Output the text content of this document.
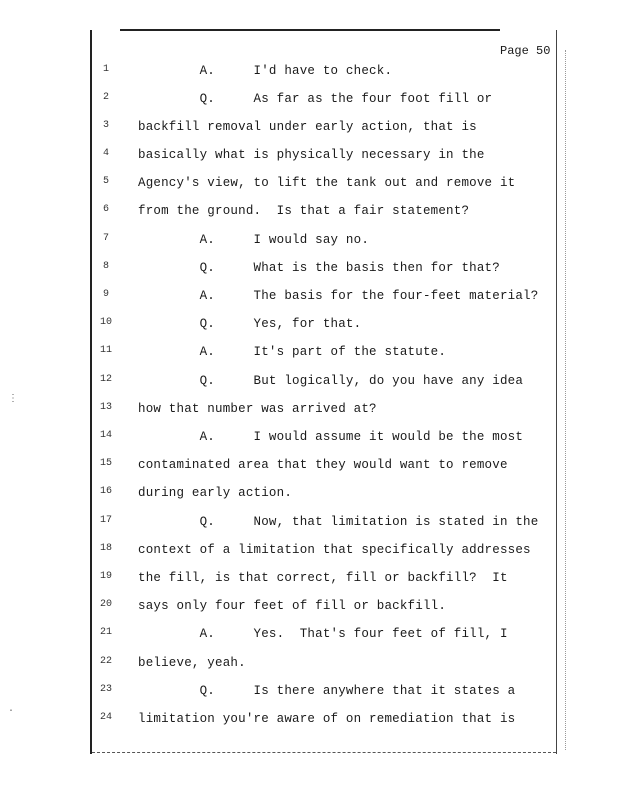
⋮
·
Page 50
1	A.     I'd have to check.
2	Q.     As far as the four foot fill or
3	backfill removal under early action, that is
4	basically what is physically necessary in the
5	Agency's view, to lift the tank out and remove it
6	from the ground.  Is that a fair statement?
7	A.     I would say no.
8	Q.     What is the basis then for that?
9	A.     The basis for the four-feet material?
10	Q.     Yes, for that.
11	A.     It's part of the statute.
12	Q.     But logically, do you have any idea
13	how that number was arrived at?
14	A.     I would assume it would be the most
15	contaminated area that they would want to remove
16	during early action.
17	Q.     Now, that limitation is stated in the
18	context of a limitation that specifically addresses
19	the fill, is that correct, fill or backfill?  It
20	says only four feet of fill or backfill.
21	A.     Yes.  That's four feet of fill, I
22	believe, yeah.
23	Q.     Is there anywhere that it states a
24	limitation you're aware of on remediation that is
